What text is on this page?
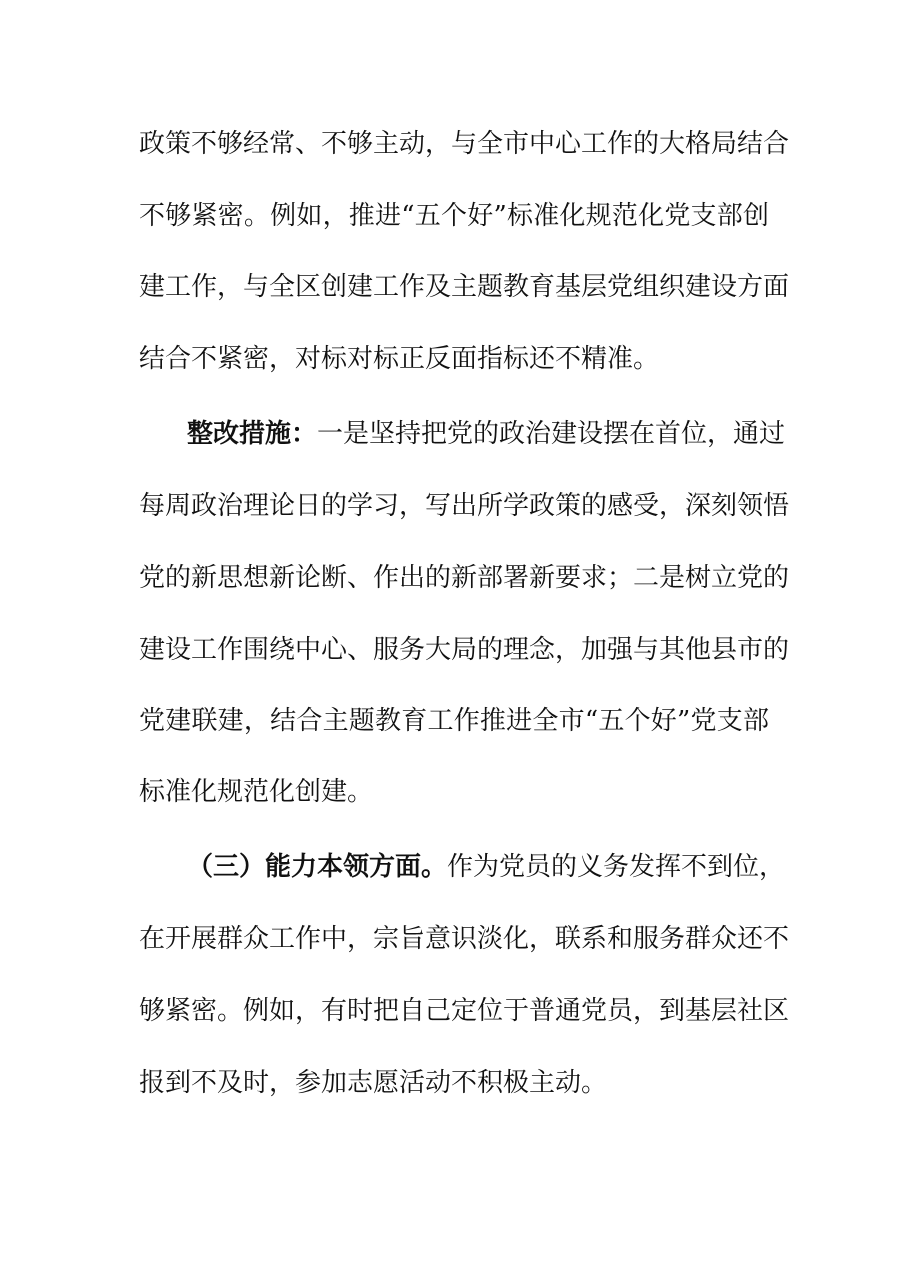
政策不够经常、不够主动，与全市中心工作的大格局结合
不够紧密。例如，推进“五个好”标准化规范化党支部创
建工作，与全区创建工作及主题教育基层党组织建设方面
结合不紧密，对标对标正反面指标还不精准。
整改措施：一是坚持把党的政治建设摆在首位，通过
每周政治理论日的学习，写出所学政策的感受，深刻领悟
党的新思想新论断、作出的新部署新要求；二是树立党的
建设工作围绕中心、服务大局的理念，加强与其他县市的
党建联建，结合主题教育工作推进全市“五个好”党支部
标准化规范化创建。
（三）能力本领方面。作为党员的义务发挥不到位，
在开展群众工作中，宗旨意识淡化，联系和服务群众还不
够紧密。例如，有时把自己定位于普通党员，到基层社区
报到不及时，参加志愿活动不积极主动。
